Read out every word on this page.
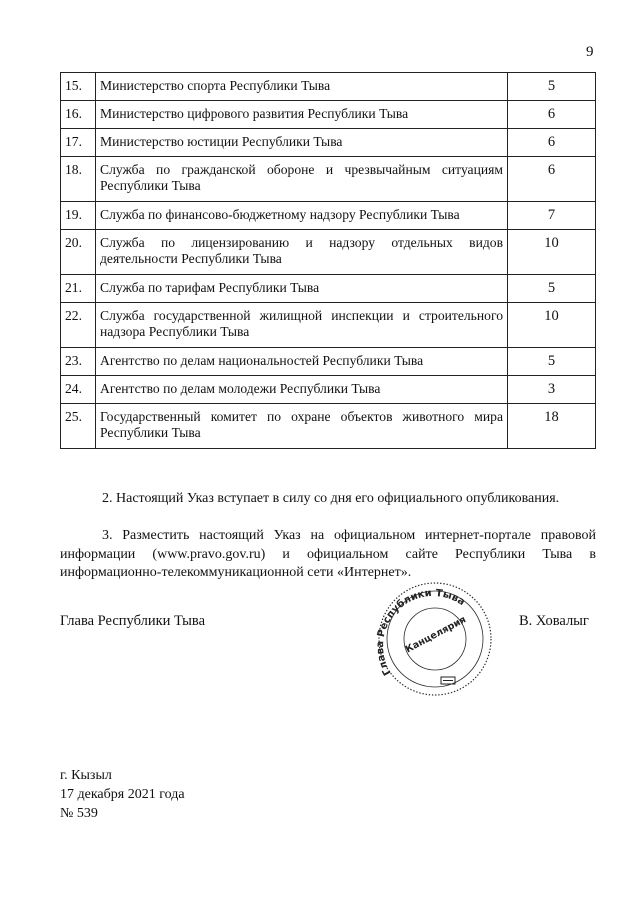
9
15.	Министерство спорта Республики Тыва	5
16.	Министерство цифрового развития Республики Тыва	6
17.	Министерство юстиции Республики Тыва	6
18.	Служба по гражданской обороне и чрезвычайным ситуациям Республики Тыва	6
19.	Служба по финансово-бюджетному надзору Республики Тыва	7
20.	Служба по лицензированию и надзору отдельных видов деятельности Республики Тыва	10
21.	Служба по тарифам Республики Тыва	5
22.	Служба государственной жилищной инспекции и строительного надзора Республики Тыва	10
23.	Агентство по делам национальностей Республики Тыва	5
24.	Агентство по делам молодежи Республики Тыва	3
25.	Государственный комитет по охране объектов животного мира Республики Тыва	18

2. Настоящий Указ вступает в силу со дня его официального опубликования.

3. Разместить настоящий Указ на официальном интернет-портале правовой информации (www.pravo.gov.ru) и официальном сайте Республики Тыва в информационно-телекоммуникационной сети «Интернет».

Глава Республики Тыва
Глава Республики Тыва
Канцелярия	В. Ховалыг
г. Кызыл
17 декабря 2021 года
№ 539
